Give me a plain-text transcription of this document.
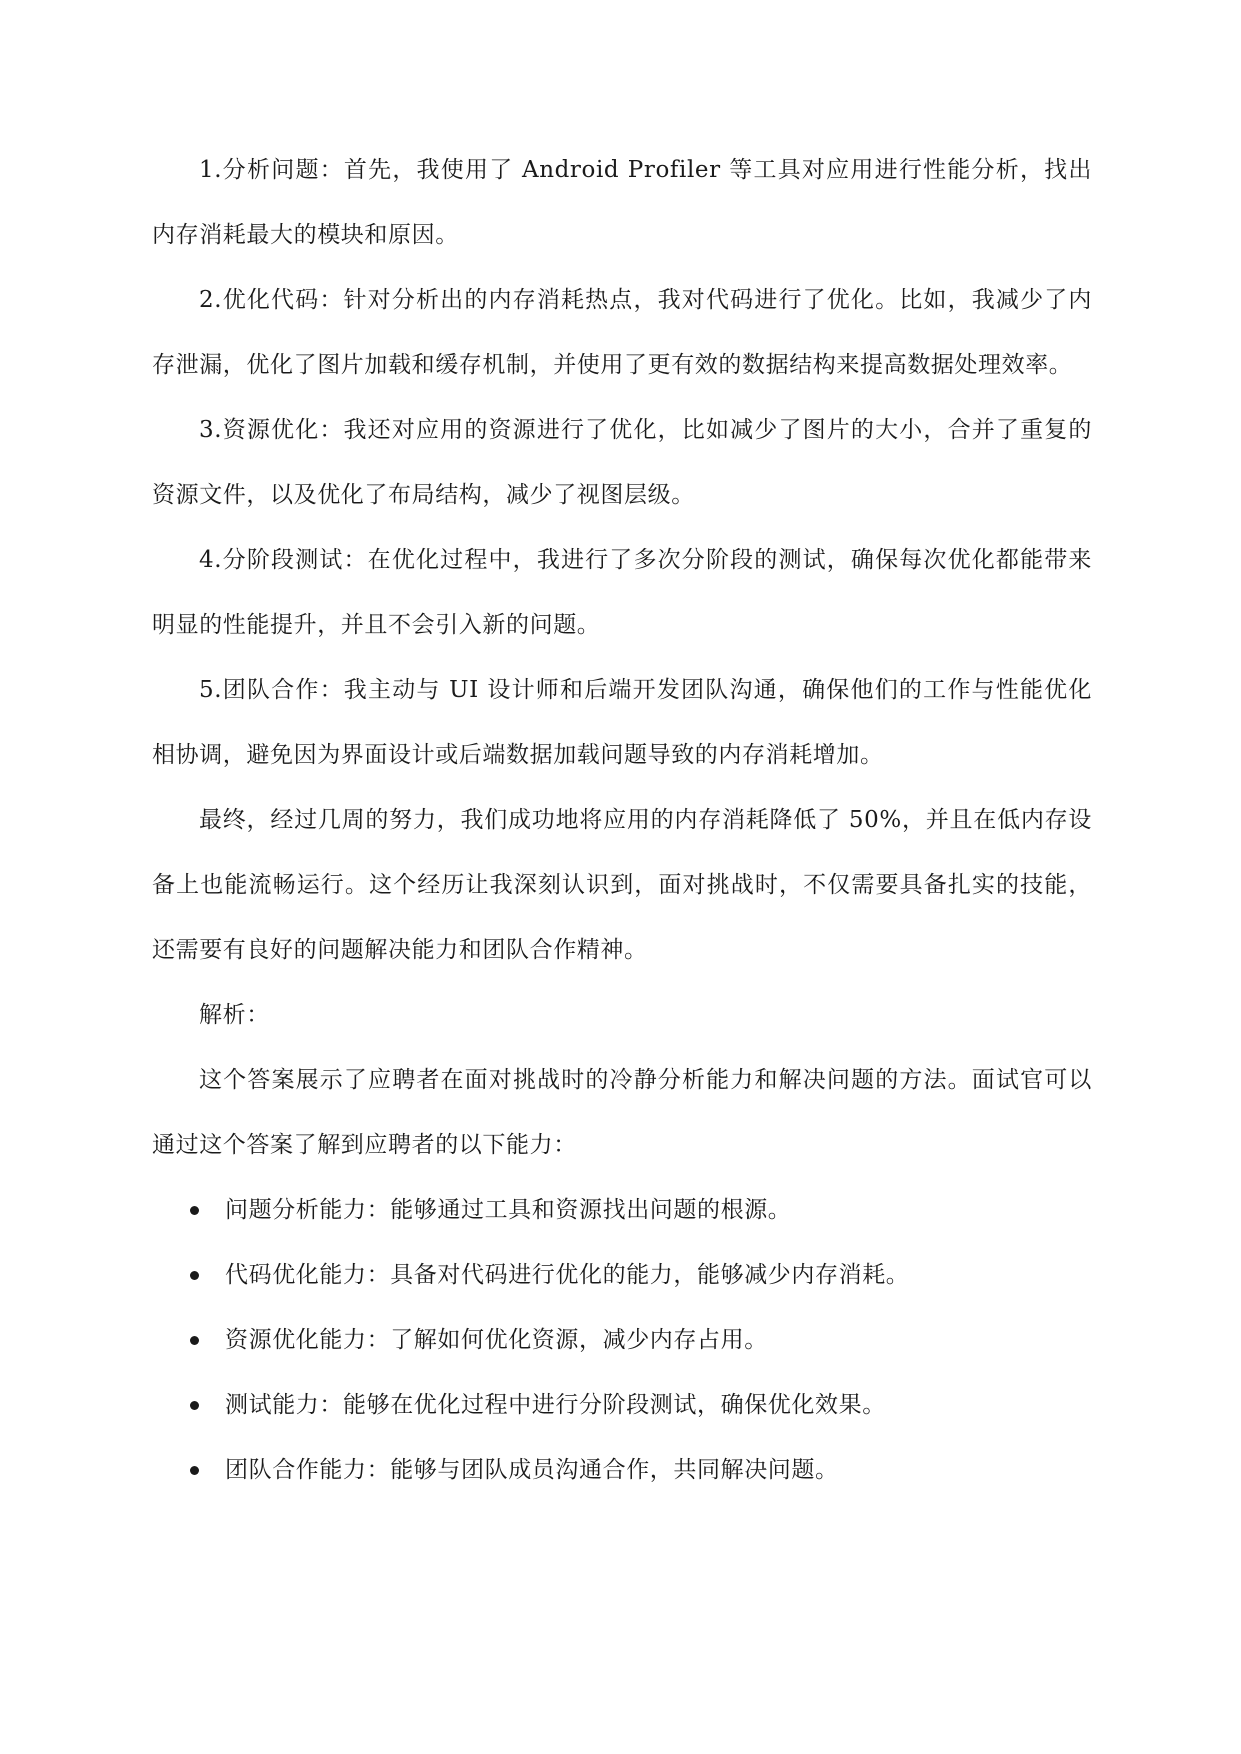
1.分析问题：首先，我使用了 Android Profiler 等工具对应用进行性能分析，找出内存消耗最大的模块和原因。

2.优化代码：针对分析出的内存消耗热点，我对代码进行了优化。比如，我减少了内存泄漏，优化了图片加载和缓存机制，并使用了更有效的数据结构来提高数据处理效率。

3.资源优化：我还对应用的资源进行了优化，比如减少了图片的大小，合并了重复的资源文件，以及优化了布局结构，减少了视图层级。

4.分阶段测试：在优化过程中，我进行了多次分阶段的测试，确保每次优化都能带来明显的性能提升，并且不会引入新的问题。

5.团队合作：我主动与 UI 设计师和后端开发团队沟通，确保他们的工作与性能优化相协调，避免因为界面设计或后端数据加载问题导致的内存消耗增加。

最终，经过几周的努力，我们成功地将应用的内存消耗降低了 50%，并且在低内存设备上也能流畅运行。这个经历让我深刻认识到，面对挑战时，不仅需要具备扎实的技能，还需要有良好的问题解决能力和团队合作精神。

解析：

这个答案展示了应聘者在面对挑战时的冷静分析能力和解决问题的方法。面试官可以通过这个答案了解到应聘者的以下能力：

问题分析能力：能够通过工具和资源找出问题的根源。
代码优化能力：具备对代码进行优化的能力，能够减少内存消耗。
资源优化能力：了解如何优化资源，减少内存占用。
测试能力：能够在优化过程中进行分阶段测试，确保优化效果。
团队合作能力：能够与团队成员沟通合作，共同解决问题。
